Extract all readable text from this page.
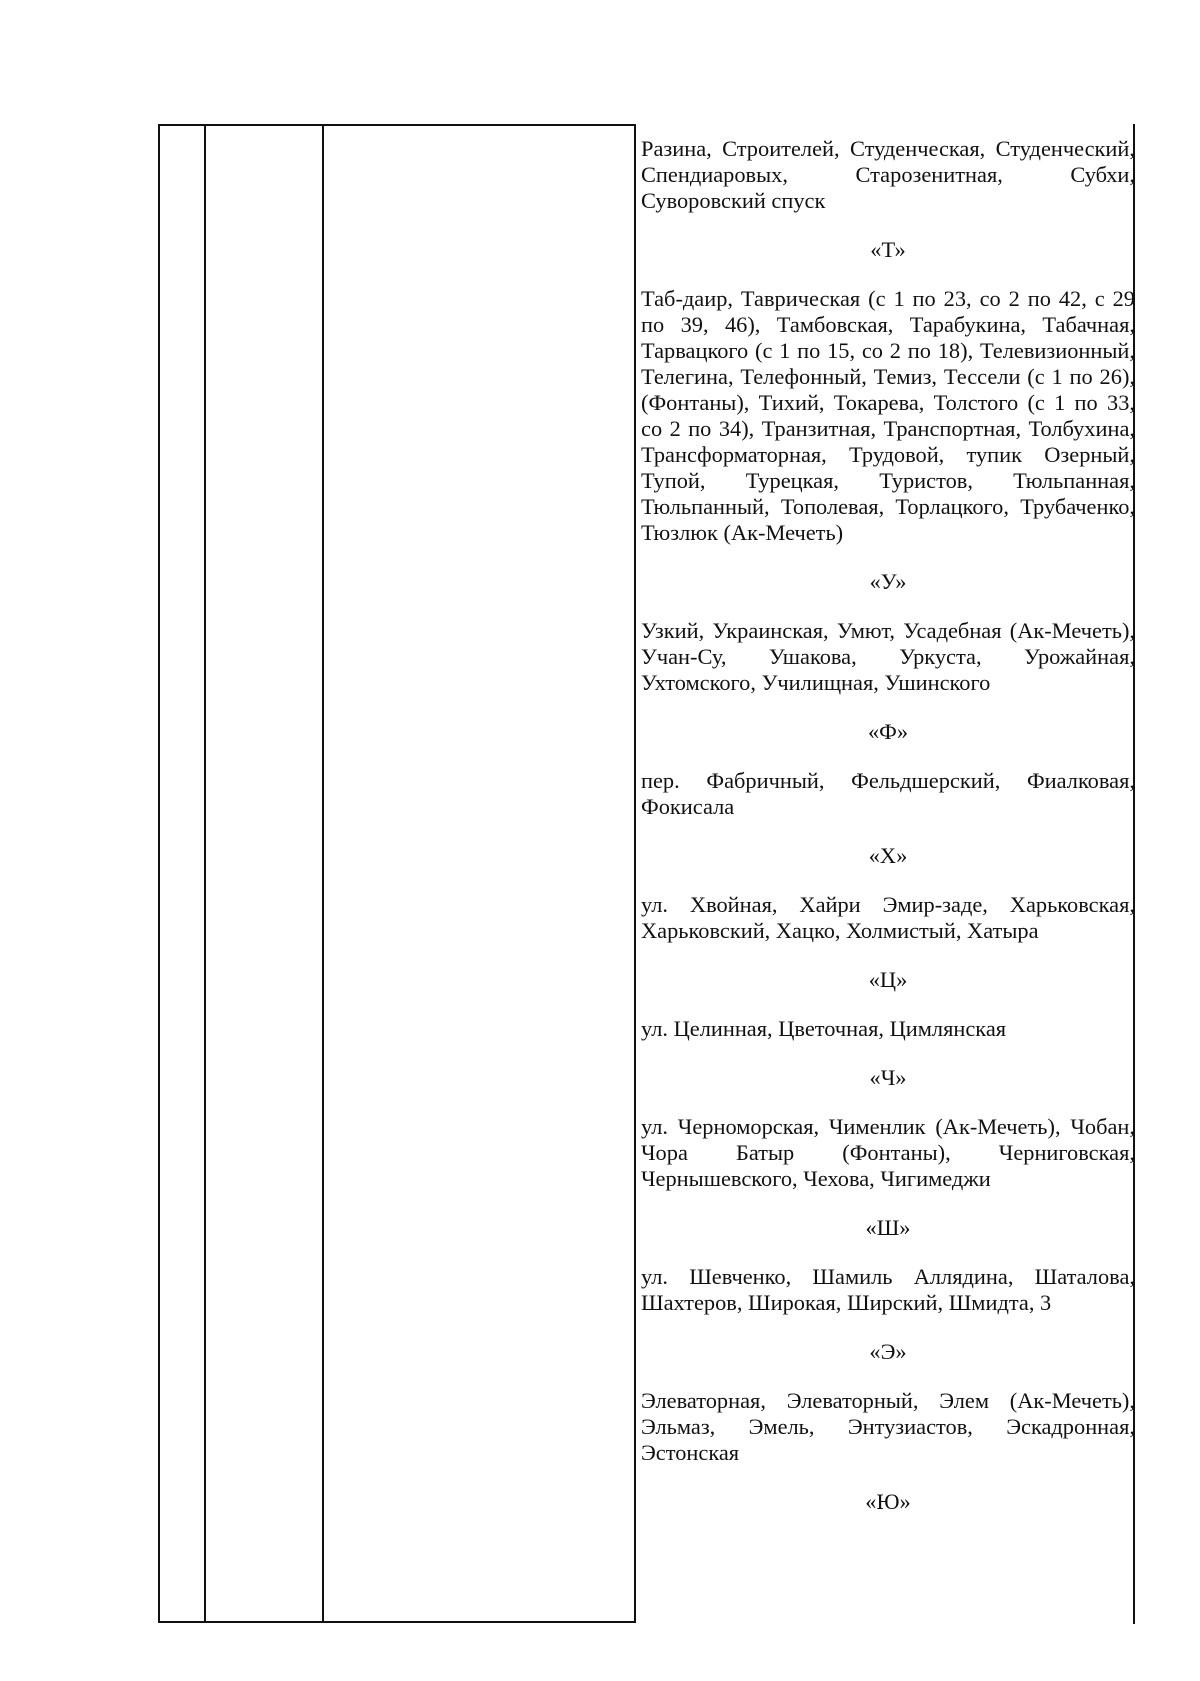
Разина, Строителей, Студенческая, Студенческий, Спендиаровых, Старозенитная, Субхи, Суворовский спуск

«Т»

Таб-даир, Таврическая (с 1 по 23, со 2 по 42, с 29 по 39, 46), Тамбовская, Тарабукина, Табачная, Тарвацкого (с 1 по 15, со 2 по 18), Телевизионный, Телегина, Телефонный, Темиз, Тессели (с 1 по 26), (Фонтаны), Тихий, Токарева, Толстого (с 1 по 33, со 2 по 34), Транзитная, Транспортная, Толбухина, Трансформаторная, Трудовой, тупик Озерный, Тупой, Турецкая, Туристов, Тюльпанная, Тюльпанный, Тополевая, Торлацкого, Трубаченко, Тюзлюк (Ак-Мечеть)

«У»

Узкий, Украинская, Умют, Усадебная (Ак-Мечеть), Учан-Су, Ушакова, Уркуста, Урожайная, Ухтомского, Училищная, Ушинского

«Ф»

пер. Фабричный, Фельдшерский, Фиалковая, Фокисала

«Х»

ул. Хвойная, Хайри Эмир-заде, Харьковская, Харьковский, Хацко, Холмистый, Хатыра

«Ц»

ул. Целинная, Цветочная, Цимлянская

«Ч»

ул. Черноморская, Чименлик (Ак-Мечеть), Чобан, Чора Батыр (Фонтаны), Черниговская, Чернышевского, Чехова, Чигимеджи

«Ш»

ул. Шевченко, Шамиль Аллядина, Шаталова, Шахтеров, Широкая, Ширский, Шмидта, 3

«Э»

Элеваторная, Элеваторный, Элем (Ак-Мечеть), Эльмаз, Эмель, Энтузиастов, Эскадронная, Эстонская

«Ю»
